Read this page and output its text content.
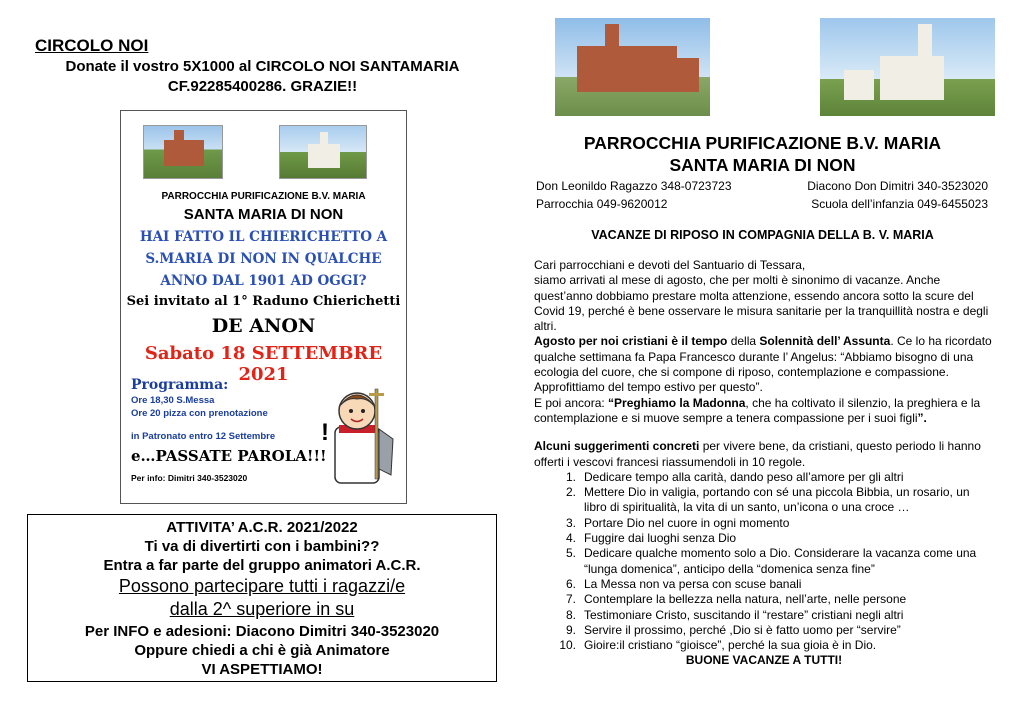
CIRCOLO NOI
Donate il vostro 5X1000 al CIRCOLO NOI SANTAMARIA
CF.92285400286. GRAZIE!!
PARROCCHIA PURIFICAZIONE B.V. MARIA
SANTA MARIA DI NON
HAI FATTO IL CHIERICHETTO A
S.MARIA DI NON IN QUALCHE
ANNO DAL 1901 AD OGGI?
Sei invitato al 1° Raduno Chierichetti
DE ANON
Sabato 18 SETTEMBRE 2021
Programma:
Ore 18,30 S.Messa
Ore 20 pizza con prenotazione
in Patronato entro 12 Settembre !
e…PASSATE PAROLA!!!
Per info: Dimitri 340-3523020
ATTIVITA’ A.C.R. 2021/2022
Ti va di divertirti con i bambini??
Entra a far parte del gruppo animatori A.C.R.
Possono partecipare tutti i ragazzi/e
dalla 2^ superiore in su
Per INFO e adesioni: Diacono Dimitri 340-3523020
Oppure chiedi a chi è già Animatore
VI ASPETTIAMO!
PARROCCHIA PURIFICAZIONE B.V. MARIA
SANTA MARIA DI NON
Don Leonildo Ragazzo 348-0723723	Diacono Don Dimitri 340-3523020
Parrocchia 049-9620012	Scuola dell’infanzia 049-6455023
VACANZE DI RIPOSO IN COMPAGNIA DELLA B. V. MARIA

Cari parrocchiani e devoti del Santuario di Tessara,

siamo arrivati al mese di agosto, che per molti è sinonimo di vacanze. Anche quest’anno dobbiamo prestare molta attenzione, essendo ancora sotto la scure del Covid 19, perché è bene osservare le misura sanitarie per la tranquillità nostra e degli altri.

Agosto per noi cristiani è il tempo della Solennità dell’ Assunta. Ce lo ha ricordato qualche settimana fa Papa Francesco durante l’ Angelus: “Abbiamo bisogno di una ecologia del cuore, che si compone di riposo, contemplazione e compassione. Approfittiamo del tempo estivo per questo”.

E poi ancora: “Preghiamo la Madonna, che ha coltivato il silenzio, la preghiera e la contemplazione e si muove sempre a tenera compassione per i suoi figli”.

Alcuni suggerimenti concreti per vivere bene, da cristiani, questo periodo li hanno offerti i vescovi francesi riassumendoli in 10 regole.

1. Dedicare tempo alla carità, dando peso all’amore per gli altri
2. Mettere Dio in valigia, portando con sé una piccola Bibbia, un rosario, un libro di spiritualità, la vita di un santo, un’icona o una croce …
3. Portare Dio nel cuore in ogni momento
4. Fuggire dai luoghi senza Dio
5. Dedicare qualche momento solo a Dio. Considerare la vacanza come una “lunga domenica”, anticipo della “domenica senza fine”
6. La Messa non va persa con scuse banali
7. Contemplare la bellezza nella natura, nell’arte, nelle persone
8. Testimoniare Cristo, suscitando il “restare” cristiani negli altri
9. Servire il prossimo, perché ,Dio si è fatto uomo per “servire”
10. Gioire:il cristiano “gioisce”, perché la sua gioia è in Dio.

BUONE VACANZE A TUTTI!
